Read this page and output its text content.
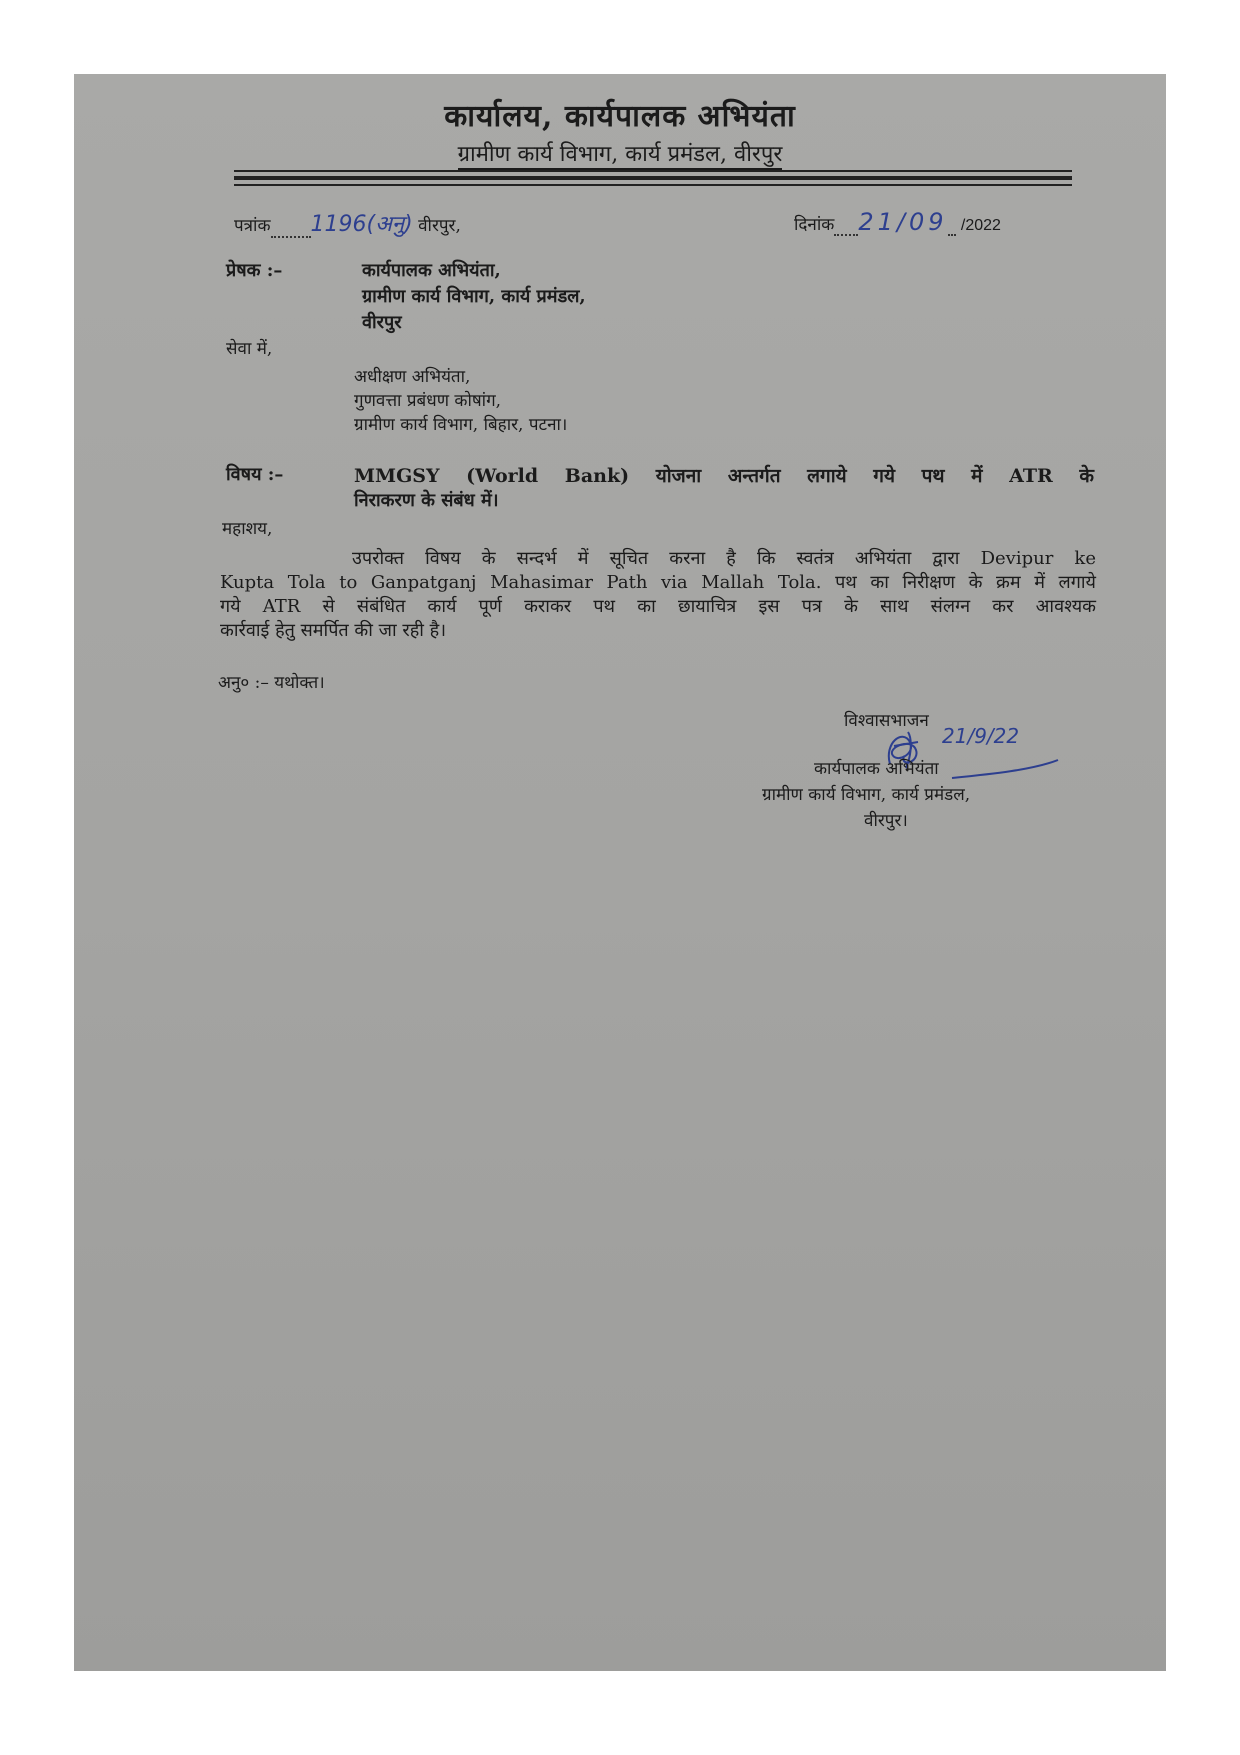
कार्यालय, कार्यपालक अभियंता
ग्रामीण कार्य विभाग, कार्य प्रमंडल, वीरपुर
पत्रांक 1196(अनु) वीरपुर,	दिनांक 21/09 /2022
प्रेषक :–	कार्यपालक अभियंता,
ग्रामीण कार्य विभाग, कार्य प्रमंडल,
वीरपुर
सेवा में,
अधीक्षण अभियंता,
गुणवत्ता प्रबंधण कोषांग,
ग्रामीण कार्य विभाग, बिहार, पटना।
विषय :–	MMGSY (World Bank) योजना अन्तर्गत लगाये गये पथ में ATR के
निराकरण के संबंध में।
महाशय,
उपरोक्त विषय के सन्दर्भ में सूचित करना है कि स्वतंत्र अभियंता द्वारा Devipur ke
Kupta Tola to Ganpatganj Mahasimar Path via Mallah Tola. पथ का निरीक्षण के क्रम में लगाये
गये ATR से संबंधित कार्य पूर्ण कराकर पथ का छायाचित्र इस पत्र के साथ संलग्न कर आवश्यक
कार्रवाई हेतु समर्पित की जा रही है।
अनु० :– यथोक्त।
विश्वासभाजन
21/9/22
कार्यपालक अभियंता
ग्रामीण कार्य विभाग, कार्य प्रमंडल,
वीरपुर।
